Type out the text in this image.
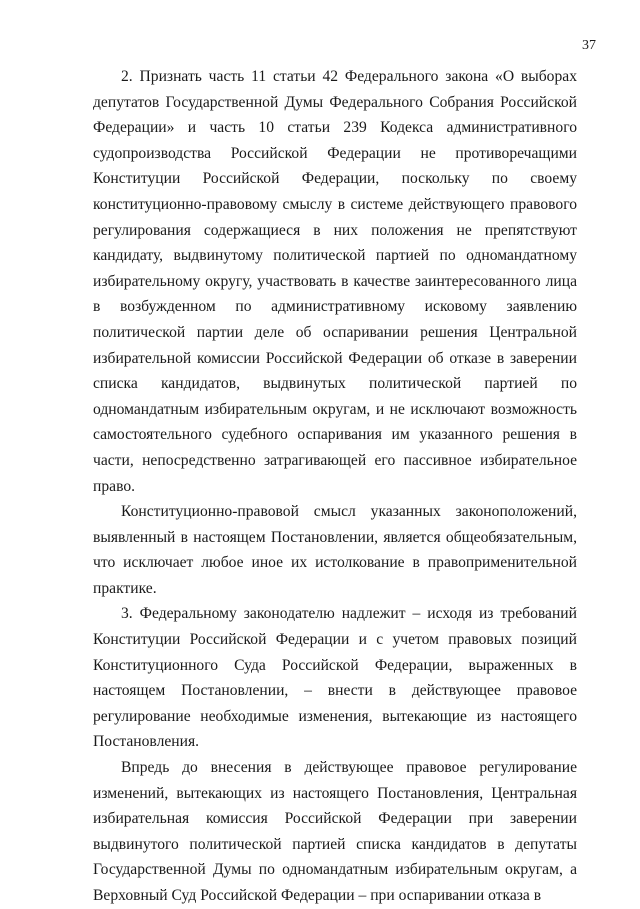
37

2. Признать часть 11 статьи 42 Федерального закона «О выборах депутатов Государственной Думы Федерального Собрания Российской Федерации» и часть 10 статьи 239 Кодекса административного судопроизводства Российской Федерации не противоречащими Конституции Российской Федерации, поскольку по своему конституционно-правовому смыслу в системе действующего правового регулирования содержащиеся в них положения не препятствуют кандидату, выдвинутому политической партией по одномандатному избирательному округу, участвовать в качестве заинтересованного лица в возбужденном по административному исковому заявлению политической партии деле об оспаривании решения Центральной избирательной комиссии Российской Федерации об отказе в заверении списка кандидатов, выдвинутых политической партией по одномандатным избирательным округам, и не исключают возможность самостоятельного судебного оспаривания им указанного решения в части, непосредственно затрагивающей его пассивное избирательное право.

Конституционно-правовой смысл указанных законоположений, выявленный в настоящем Постановлении, является общеобязательным, что исключает любое иное их истолкование в правоприменительной практике.

3. Федеральному законодателю надлежит – исходя из требований Конституции Российской Федерации и с учетом правовых позиций Конституционного Суда Российской Федерации, выраженных в настоящем Постановлении, – внести в действующее правовое регулирование необходимые изменения, вытекающие из настоящего Постановления.

Впредь до внесения в действующее правовое регулирование изменений, вытекающих из настоящего Постановления, Центральная избирательная комиссия Российской Федерации при заверении выдвинутого политической партией списка кандидатов в депутаты Государственной Думы по одномандатным избирательным округам, а Верховный Суд Российской Федерации – при оспаривании отказа в
